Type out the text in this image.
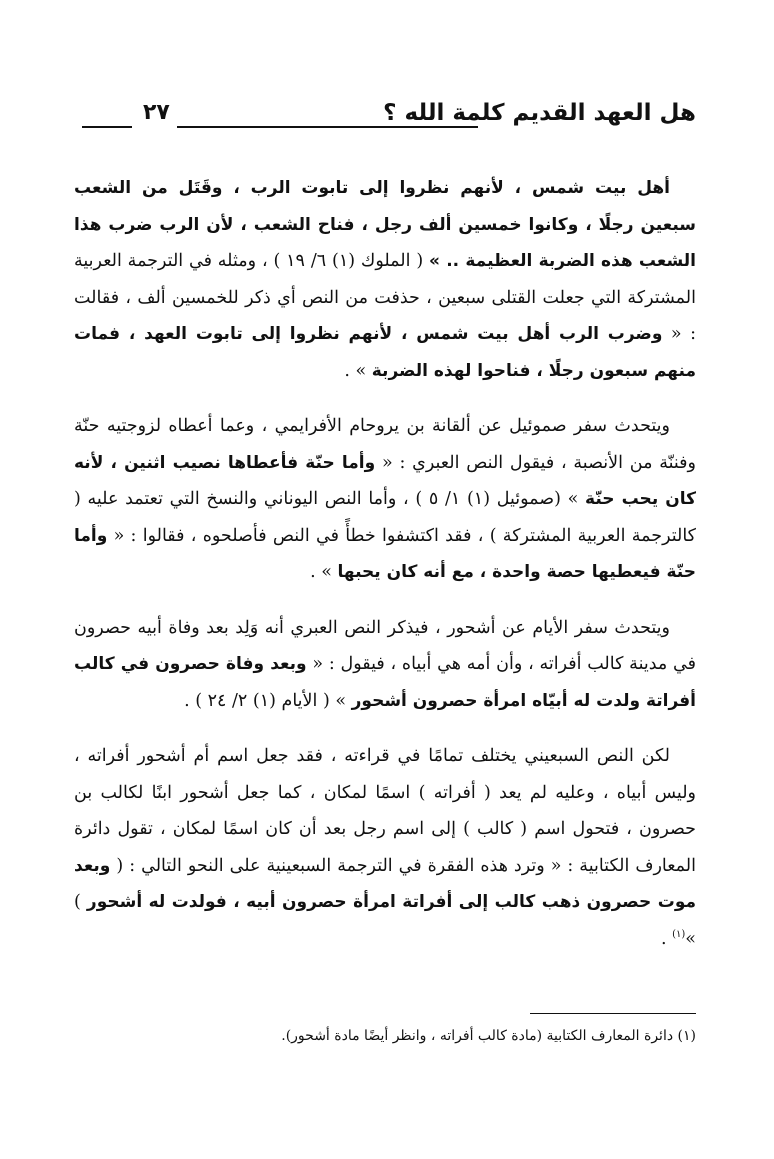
هل العهد القديم كلمة الله ؟
٢٧

أهل بيت شمس ، لأنهم نظروا إلى تابوت الرب ، وقَتَل من الشعب سبعين رجلًا ، وكانوا خمسين ألف رجل ، فناح الشعب ، لأن الرب ضرب هذا الشعب هذه الضربة العظيمة .. » ( الملوك (١) ٦/ ١٩ ) ، ومثله في الترجمة العربية المشتركة التي جعلت القتلى سبعين ، حذفت من النص أي ذكر للخمسين ألف ، فقالت : « وضرب الرب أهل بيت شمس ، لأنهم نظروا إلى تابوت العهد ، فمات منهم سبعون رجلًا ، فناحوا لهذه الضربة » .

ويتحدث سفر صموئيل عن ألقانة بن يروحام الأفرايمي ، وعما أعطاه لزوجتيه حنّة وفننّة من الأنصبة ، فيقول النص العبري : « وأما حنّة فأعطاها نصيب اثنين ، لأنه كان يحب حنّة » (صموئيل (١) ١/ ٥ ) ، وأما النص اليوناني والنسخ التي تعتمد عليه ( كالترجمة العربية المشتركة ) ، فقد اكتشفوا خطأً في النص فأصلحوه ، فقالوا : « وأما حنّة فيعطيها حصة واحدة ، مع أنه كان يحبها » .

ويتحدث سفر الأيام عن أشحور ، فيذكر النص العبري أنه وَلِد بعد وفاة أبيه حصرون في مدينة كالب أفراته ، وأن أمه هي أبياه ، فيقول : « وبعد وفاة حصرون في كالب أفراتة ولدت له أبيّاه امرأة حصرون أشحور » ( الأيام (١) ٢/ ٢٤ ) .

لكن النص السبعيني يختلف تمامًا في قراءته ، فقد جعل اسم أم أشحور أفراته ، وليس أبياه ، وعليه لم يعد ( أفراته ) اسمًا لمكان ، كما جعل أشحور ابنًا لكالب بن حصرون ، فتحول اسم ( كالب ) إلى اسم رجل بعد أن كان اسمًا لمكان ، تقول دائرة المعارف الكتابية : « وترد هذه الفقرة في الترجمة السبعينية على النحو التالي : ( وبعد موت حصرون ذهب كالب إلى أفراتة امرأة حصرون أبيه ، فولدت له أشحور ) »$^{(١)}$ .

(١) دائرة المعارف الكتابية (مادة كالب أفراته ، وانظر أيضًا مادة أشحور).
